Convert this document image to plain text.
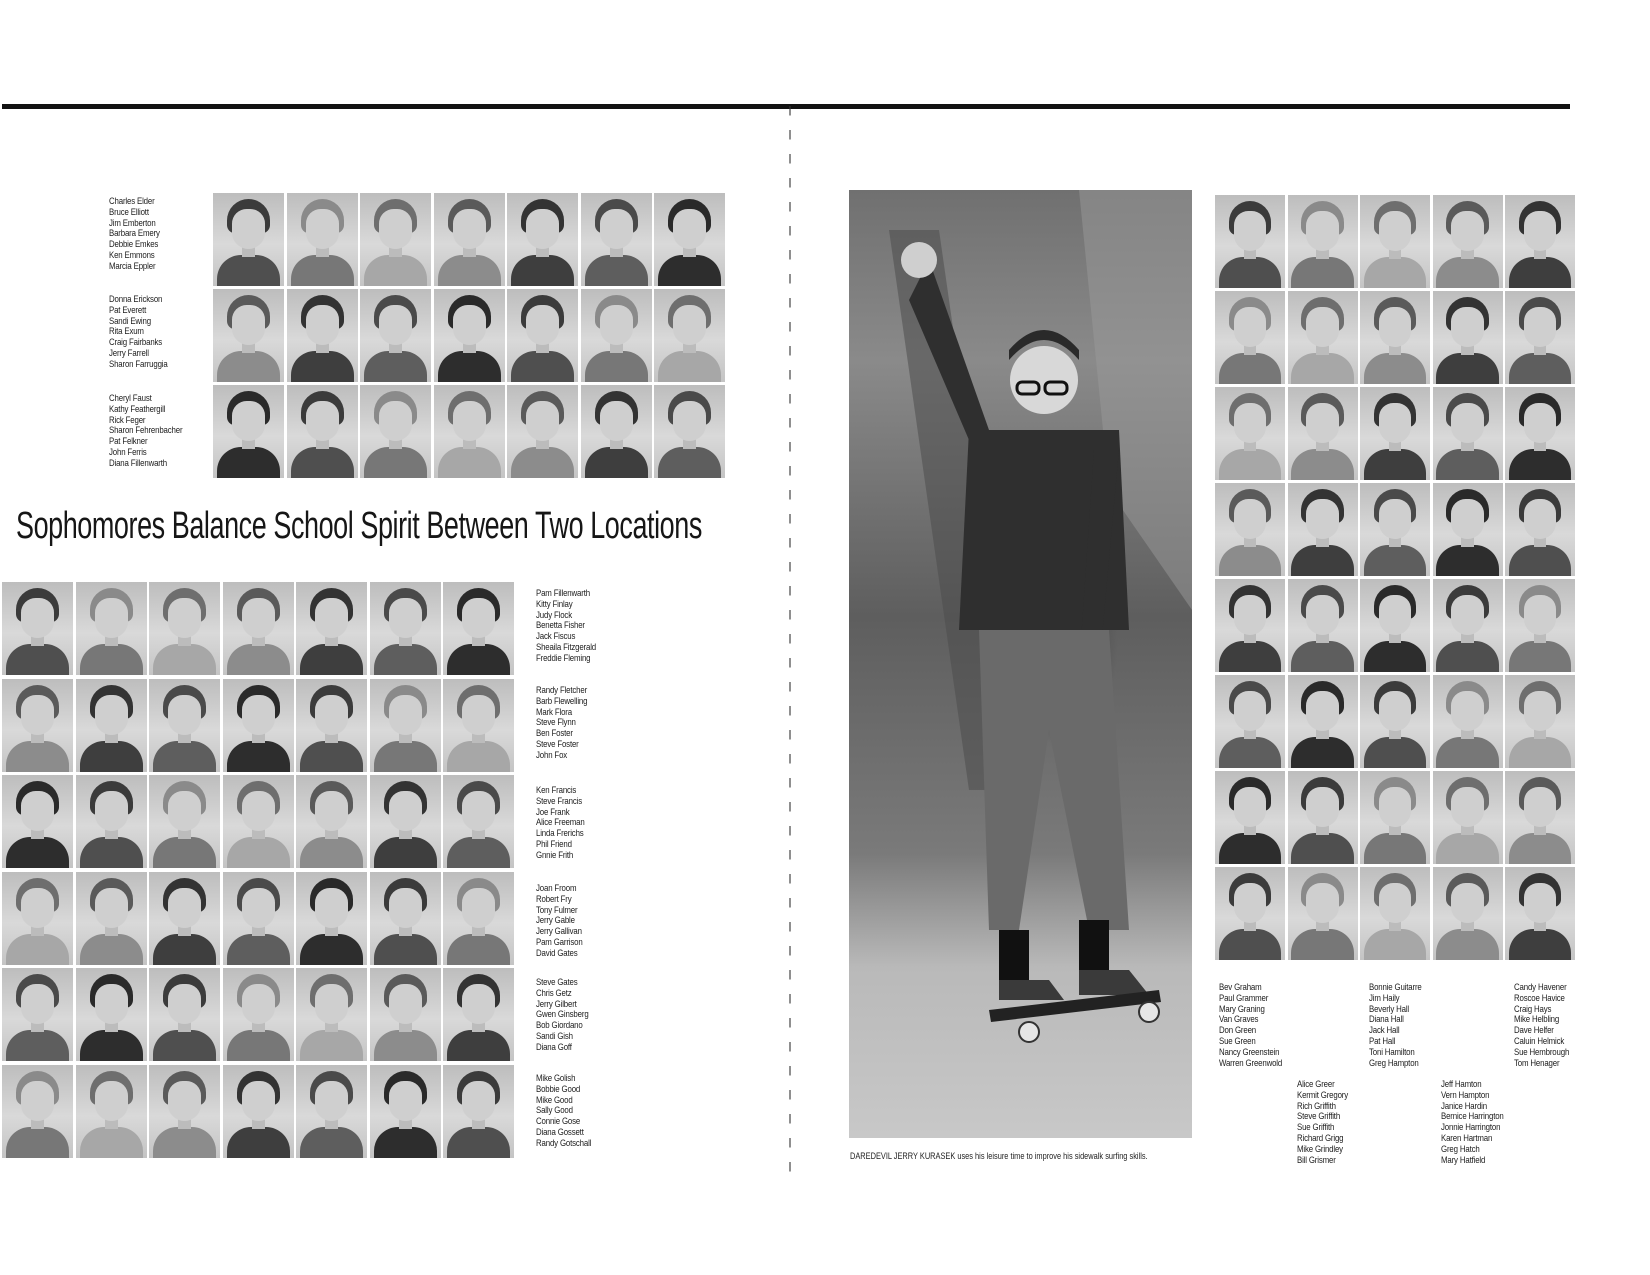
Charles Elder
Bruce Elliott
Jim Emberton
Barbara Emery
Debbie Emkes
Ken Emmons
Marcia Eppler
Donna Erickson
Pat Everett
Sandi Ewing
Rita Exum
Craig Fairbanks
Jerry Farrell
Sharon Farruggia
Cheryl Faust
Kathy Feathergill
Rick Feger
Sharon Fehrenbacher
Pat Felkner
John Ferris
Diana Fillenwarth
Sophomores Balance School Spirit Between Two Locations
Pam Fillenwarth
Kitty Finlay
Judy Flock
Benetta Fisher
Jack Fiscus
Sheaila Fitzgerald
Freddie Fleming
Randy Fletcher
Barb Flewelling
Mark Flora
Steve Flynn
Ben Foster
Steve Foster
John Fox
Ken Francis
Steve Francis
Joe Frank
Alice Freeman
Linda Frerichs
Phil Friend
Gnnie Frith
Joan Froom
Robert Fry
Tony Fulmer
Jerry Gable
Jerry Gallivan
Pam Garrison
David Gates
Steve Gates
Chris Getz
Jerry Gilbert
Gwen Ginsberg
Bob Giordano
Sandi Gish
Diana Goff
Mike Golish
Bobbie Good
Mike Good
Sally Good
Connie Gose
Diana Gossett
Randy Gotschall
DAREDEVIL JERRY KURASEK uses his leisure time to improve his sidewalk surfing skills.
Bev Graham
Paul Grammer
Mary Graning
Van Graves
Don Green
Sue Green
Nancy Greenstein
Warren Greenwold
Bonnie Guitarre
Jim Haily
Beverly Hall
Diana Hall
Jack Hall
Pat Hall
Toni Hamilton
Greg Hampton
Candy Havener
Roscoe Havice
Craig Hays
Mike Helbling
Dave Helfer
Caluin Helmick
Sue Hembrough
Tom Henager
Alice Greer
Kermit Gregory
Rich Griffith
Steve Griffith
Sue Griffith
Richard Grigg
Mike Grindley
Bill Grismer
Jeff Hamton
Vern Hampton
Janice Hardin
Bernice Harrington
Jonnie Harrington
Karen Hartman
Greg Hatch
Mary Hatfield
